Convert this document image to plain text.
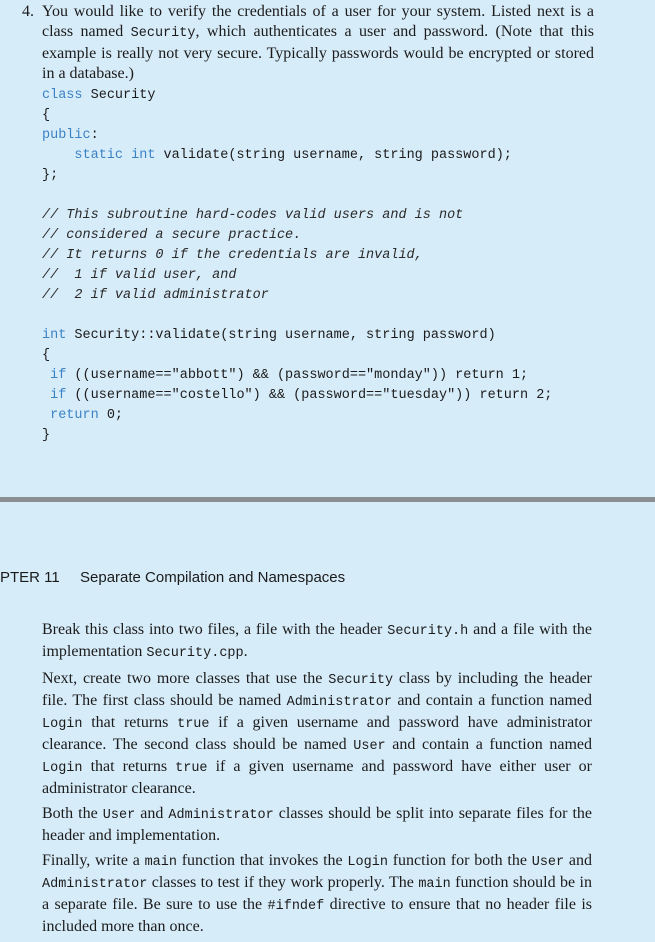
4. You would like to verify the credentials of a user for your system. Listed next is a class named Security, which authenticates a user and password. (Note that this example is really not very secure. Typically passwords would be encrypted or stored in a database.)

class Security
{
public:
static int validate(string username, string password);
};

// This subroutine hard-codes valid users and is not
// considered a secure practice.
// It returns 0 if the credentials are invalid,
//  1 if valid user, and
//  2 if valid administrator

int Security::validate(string username, string password)
{
if ((username=="abbott") && (password=="monday")) return 1;
if ((username=="costello") && (password=="tuesday")) return 2;
return 0;
}
PTER 11 Separate Compilation and Namespaces

Break this class into two files, a file with the header Security.h and a file with the implementation Security.cpp.

Next, create two more classes that use the Security class by including the header file. The first class should be named Administrator and contain a function named Login that returns true if a given username and password have administrator clearance. The second class should be named User and contain a function named Login that returns true if a given username and password have either user or administrator clearance.

Both the User and Administrator classes should be split into separate files for the header and implementation.

Finally, write a main function that invokes the Login function for both the User and Administrator classes to test if they work properly. The main function should be in a separate file. Be sure to use the #ifndef directive to ensure that no header file is included more than once.
